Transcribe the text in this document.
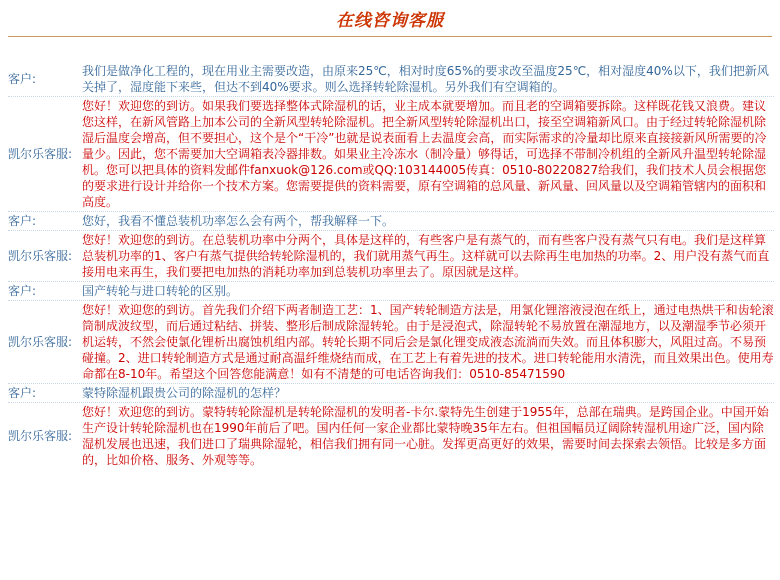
在线咨询客服
客户:
我们是做净化工程的，现在用业主需要改造，由原来25℃，相对时度65%的要求改至温度25℃，相对湿度40%以下，我们把新风关掉了，湿度能下来些，但达不到40%要求。则么选择转轮除湿机。另外我们有空调箱的。
凯尔乐客服:
您好！欢迎您的到访。如果我们要选择整体式除湿机的话，业主成本就要增加。而且老的空调箱要拆除。这样既花钱又浪费。建议您这样，在新风管路上加本公司的全新风型转轮除湿机。把全新风型转轮除湿机出口，接至空调箱新风口。由于经过转轮除湿机除湿后温度会增高，但不要担心，这个是个“干冷”也就是说表面看上去温度会高，而实际需求的冷量却比原来直接接新风所需要的冷量少。因此，您不需要加大空调箱表冷器排数。如果业主冷冻水（制冷量）够得话，可选择不带制冷机组的全新风升温型转轮除湿机。您可以把具体的资料发邮件fanxuok@126.com或QQ:103144005传真：0510-80220827给我们，我们技术人员会根据您的要求进行设计并给你一个技术方案。您需要提供的资料需要，原有空调箱的总风量、新风量、回风量以及空调箱管辖内的面积和高度。
客户:	您好，我看不懂总装机功率怎么会有两个，帮我解释一下。
凯尔乐客服:
您好！欢迎您的到访。在总装机功率中分两个，具体是这样的，有些客户是有蒸气的，而有些客户没有蒸气只有电。我们是这样算总装机功率的1、客户有蒸气提供给转轮除湿机的，我们就用蒸气再生。这样就可以去除再生电加热的功率。2、用户没有蒸气而直接用电来再生，我们要把电加热的消耗功率加到总装机功率里去了。原因就是这样。
客户:	国产转轮与进口转轮的区别。
凯尔乐客服:
您好！欢迎您的到访。首先我们介绍下两者制造工艺：1、国产转轮制造方法是，用氯化锂溶液浸泡在纸上，通过电热烘干和齿轮滚筒制成波纹型，而后通过粘结、拼装、整形后制成除湿转轮。由于是浸泡式，除湿转轮不易放置在潮湿地方，以及潮湿季节必须开机运转，不然会使氯化锂析出腐蚀机组内部。转轮长期不同后会是氯化锂变成液态流淌而失效。而且体积膨大，风阻过高。不易预碰撞。2、进口转轮制造方式是通过耐高温纤维烧结而成，在工艺上有着先进的技术。进口转轮能用水清洗，而且效果出色。使用寿命都在8-10年。希望这个回答您能满意！如有不清楚的可电话咨询我们：0510-85471590
客户:	蒙特除湿机跟贵公司的除湿机的怎样？
凯尔乐客服:
您好！欢迎您的到访。蒙特转轮除湿机是转轮除湿机的发明者-卡尔.蒙特先生创建于1955年，总部在瑞典。是跨国企业。中国开始生产设计转轮除湿机也在1990年前后了吧。国内任何一家企业都比蒙特晚35年左右。但祖国幅员辽阔除转湿机用途广泛，国内除湿机发展也迅速，我们进口了瑞典除湿轮，相信我们拥有同一心脏。发挥更高更好的效果，需要时间去探索去领悟。比较是多方面的，比如价格、服务、外观等等。
